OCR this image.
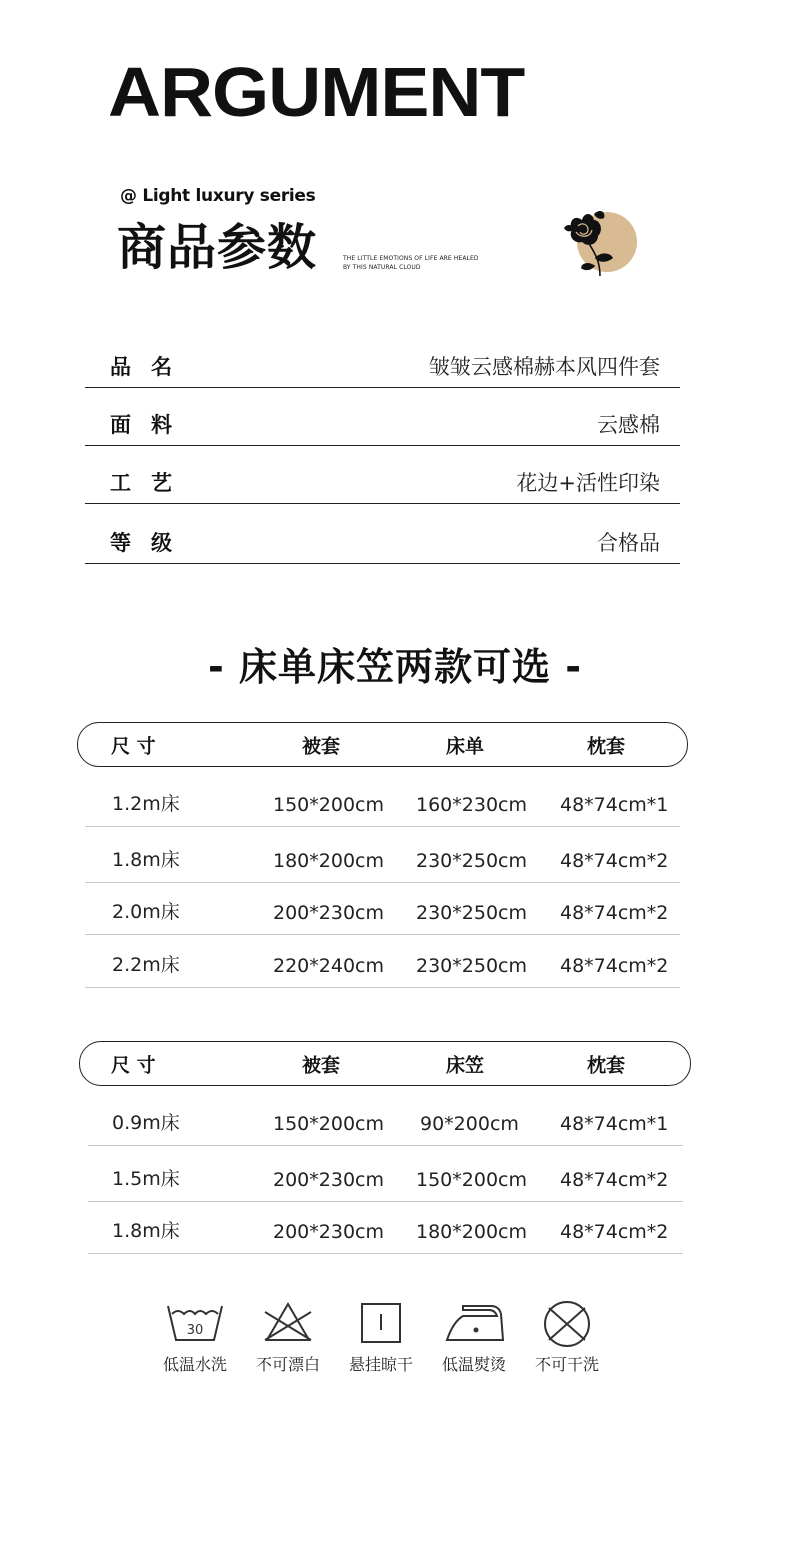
ARGUMENT
@ Light luxury series
商品参数	THE LITTLE EMOTIONS OF LIFE ARE HEALED
BY THIS NATURAL CLOUD
品名	皱皱云感棉赫本风四件套
面料	云感棉
工艺	花边+活性印染
等级	合格品
- 床单床笠两款可选 -
尺 寸	被套	床单	枕套
1.2m床	150*200cm 160*230cm 48*74cm*1
1.8m床	180*200cm 230*250cm 48*74cm*2
2.0m床	200*230cm 230*250cm 48*74cm*2
2.2m床	220*240cm 230*250cm 48*74cm*2
尺 寸	被套	床笠	枕套
0.9m床	150*200cm 90*200cm 48*74cm*1
1.5m床	200*230cm 150*200cm 48*74cm*2
1.8m床	200*230cm 180*200cm 48*74cm*2
30
低温水洗	不可漂白	悬挂晾干	低温熨烫	不可干洗
